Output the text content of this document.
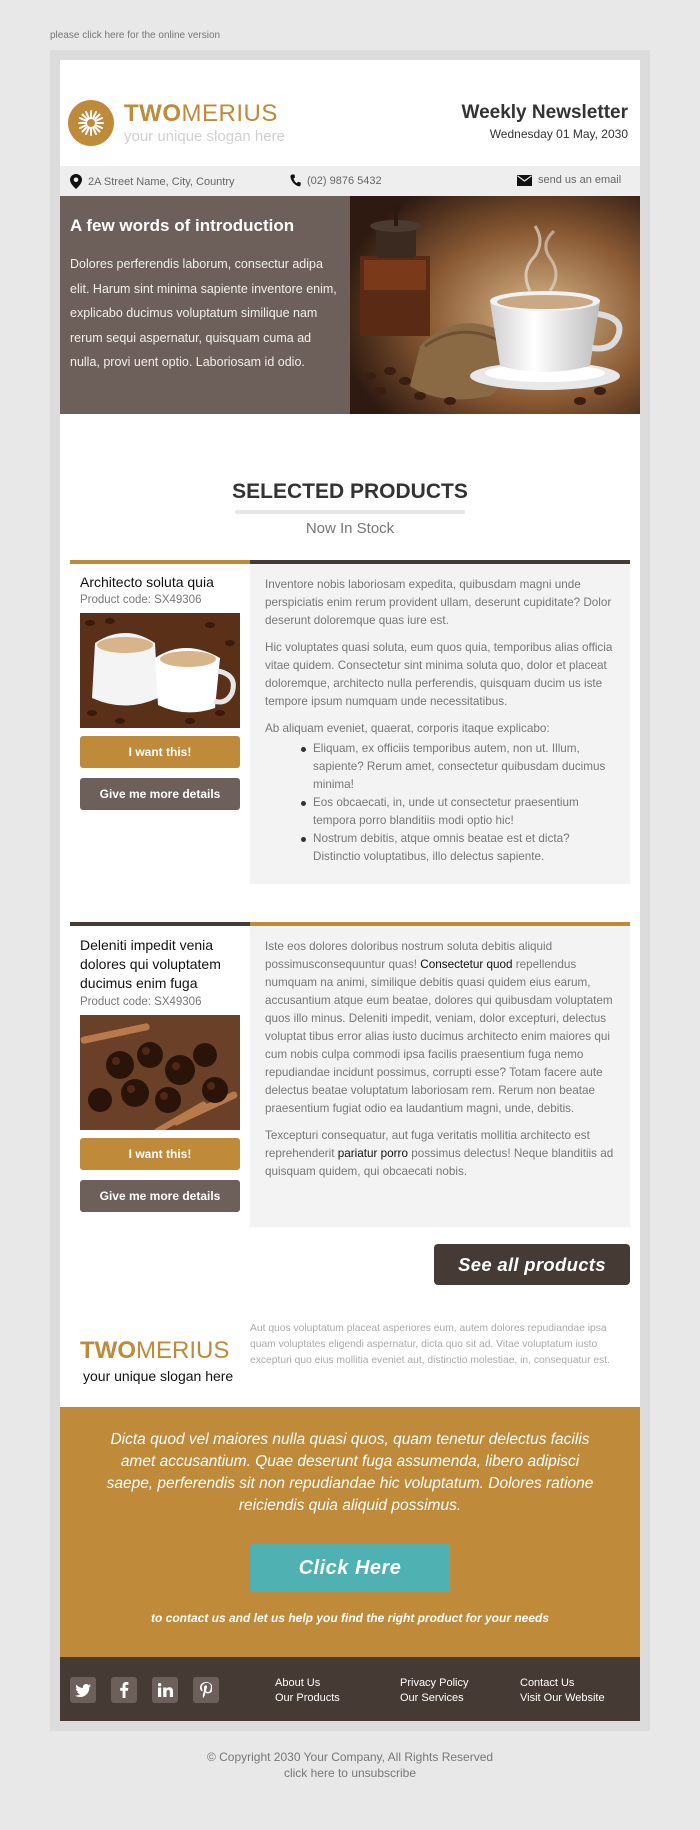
please click here for the online version
TWOMERIUS
your unique slogan here
Weekly Newsletter
Wednesday 01 May, 2030
2A Street Name, City, Country	(02) 9876 5432	send us an email
A few words of introduction

Dolores perferendis laborum, consectur adipa elit. Harum sint minima sapiente inventore enim, explicabo ducimus voluptatum similique nam rerum sequi aspernatur, quisquam cuma ad nulla, provi uent optio. Laboriosam id odio.

SELECTED PRODUCTS
Now In Stock
Architecto soluta quia
Product code: SX49306
I want this!
Give me more details

Inventore nobis laboriosam expedita, quibusdam magni unde perspiciatis enim rerum provident ullam, deserunt cupiditate? Dolor deserunt doloremque quas iure est.

Hic voluptates quasi soluta, eum quos quia, temporibus alias officia vitae quidem. Consectetur sint minima soluta quo, dolor et placeat doloremque, architecto nulla perferendis, quisquam ducim us iste tempore ipsum numquam unde necessitatibus.

Ab aliquam eveniet, quaerat, corporis itaque explicabo:

Eliquam, ex officiis temporibus autem, non ut. Illum, sapiente? Rerum amet, consectetur quibusdam ducimus minima!
Eos obcaecati, in, unde ut consectetur praesentium tempora porro blanditiis modi optio hic!
Nostrum debitis, atque omnis beatae est et dicta? Distinctio voluptatibus, illo delectus sapiente.
Deleniti impedit venia dolores qui voluptatem ducimus enim fuga
Product code: SX49306
I want this!
Give me more details

Iste eos dolores doloribus nostrum soluta debitis aliquid possimusconsequuntur quas! Consectetur quod repellendus numquam na animi, similique debitis quasi quidem eius earum, accusantium atque eum beatae, dolores qui quibusdam voluptatem quos illo minus. Deleniti impedit, veniam, dolor excepturi, delectus voluptat tibus error alias iusto ducimus architecto enim maiores qui cum nobis culpa commodi ipsa facilis praesentium fuga nemo repudiandae incidunt possimus, corrupti esse? Totam facere aute delectus beatae voluptatum laboriosam rem. Rerum non beatae praesentium fugiat odio ea laudantium magni, unde, debitis.

Texcepturi consequatur, aut fuga veritatis mollitia architecto est reprehenderit pariatur porro possimus delectus! Neque blanditiis ad quisquam quidem, qui obcaecati nobis.

See all products
TWOMERIUS
your unique slogan here
Aut quos voluptatum placeat asperiores eum, autem dolores repudiandae ipsa quam voluptates eligendi aspernatur, dicta quo sit ad. Vitae voluptatum iusto excepturi quo eius mollitia eveniet aut, distinctio molestiae, in, consequatur est.
Dicta quod vel maiores nulla quasi quos, quam tenetur delectus facilis amet accusantium. Quae deserunt fuga assumenda, libero adipisci saepe, perferendis sit non repudiandae hic voluptatum. Dolores ratione reiciendis quia aliquid possimus.
Click Here
to contact us and let us help you find the right product for your needs
About Us
Our Products
Privacy Policy
Our Services
Contact Us
Visit Our Website
© Copyright 2030 Your Company, All Rights Reserved
click here to unsubscribe
